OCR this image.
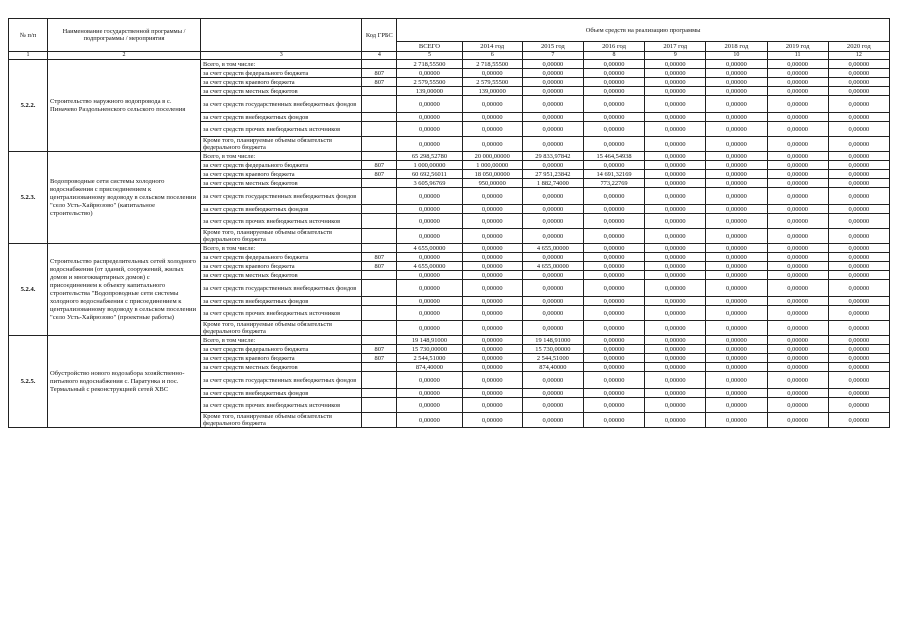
№ п/п	Наименование государственной программы / подпрограммы / мероприятия		Код ГРБС	Объем средств на реализацию программы							
				ВСЕГО	2014 год	2015 год	2016 год	2017 год	2018 год	2019 год	2020 год
1	2	3	4	5	6	7	8	9	10	11	12
5.2.2.	Строительство наружного водопровода в с. Пиначево Раздольненского сельского поселения	Всего, в том числе:		2 718,55500	2 718,55500	0,00000	0,00000	0,00000	0,00000	0,00000	0,00000
		за счет средств федерального бюджета	807	0,00000	0,00000	0,00000	0,00000	0,00000	0,00000	0,00000	0,00000
		за счет средств краевого бюджета	807	2 579,55500	2 579,55500	0,00000	0,00000	0,00000	0,00000	0,00000	0,00000
		за счет средств местных бюджетов		139,00000	139,00000	0,00000	0,00000	0,00000	0,00000	0,00000	0,00000
		за счет средств государственных внебюджетных фондов		0,00000	0,00000	0,00000	0,00000	0,00000	0,00000	0,00000	0,00000
		за счет средств внебюджетных фондов		0,00000	0,00000	0,00000	0,00000	0,00000	0,00000	0,00000	0,00000
		за счет средств прочих внебюджетных источников		0,00000	0,00000	0,00000	0,00000	0,00000	0,00000	0,00000	0,00000
		Кроме того, планируемые объемы обязательств федерального бюджета		0,00000	0,00000	0,00000	0,00000	0,00000	0,00000	0,00000	0,00000
5.2.3.	Водопроводные сети системы холодного водоснабжения с присоединением к централизованному водоводу в сельском поселении "село Усть-Хайрюзово" (капитальное строительство)	Всего, в том числе:		65 298,52780	20 000,00000	29 833,97842	15 464,54938	0,00000	0,00000	0,00000	0,00000
		за счет средств федерального бюджета	807	1 000,00000	1 000,00000	0,00000	0,00000	0,00000	0,00000	0,00000	0,00000
		за счет средств краевого бюджета	807	60 692,56011	18 050,00000	27 951,23842	14 691,32169	0,00000	0,00000	0,00000	0,00000
		за счет средств местных бюджетов		3 605,96769	950,00000	1 882,74000	773,22769	0,00000	0,00000	0,00000	0,00000
		за счет средств государственных внебюджетных фондов		0,00000	0,00000	0,00000	0,00000	0,00000	0,00000	0,00000	0,00000
		за счет средств внебюджетных фондов		0,00000	0,00000	0,00000	0,00000	0,00000	0,00000	0,00000	0,00000
		за счет средств прочих внебюджетных источников		0,00000	0,00000	0,00000	0,00000	0,00000	0,00000	0,00000	0,00000
		Кроме того, планируемые объемы обязательств федерального бюджета		0,00000	0,00000	0,00000	0,00000	0,00000	0,00000	0,00000	0,00000
5.2.4.	Строительство распределительных сетей холодного водоснабжения (от зданий, сооружений, жилых домов и многоквартирных домов) с присоединением к объекту капитального строительства "Водопроводные сети системы холодного водоснабжения с присоединением к централизованному водоводу в сельском поселении "село Усть-Хайрюзово" (проектные работы)	Всего, в том числе:		4 655,00000	0,00000	4 655,00000	0,00000	0,00000	0,00000	0,00000	0,00000
		за счет средств федерального бюджета	807	0,00000	0,00000	0,00000	0,00000	0,00000	0,00000	0,00000	0,00000
		за счет средств краевого бюджета	807	4 655,00000	0,00000	4 655,00000	0,00000	0,00000	0,00000	0,00000	0,00000
		за счет средств местных бюджетов		0,00000	0,00000	0,00000	0,00000	0,00000	0,00000	0,00000	0,00000
		за счет средств государственных внебюджетных фондов		0,00000	0,00000	0,00000	0,00000	0,00000	0,00000	0,00000	0,00000
		за счет средств внебюджетных фондов		0,00000	0,00000	0,00000	0,00000	0,00000	0,00000	0,00000	0,00000
		за счет средств прочих внебюджетных источников		0,00000	0,00000	0,00000	0,00000	0,00000	0,00000	0,00000	0,00000
		Кроме того, планируемые объемы обязательств федерального бюджета		0,00000	0,00000	0,00000	0,00000	0,00000	0,00000	0,00000	0,00000
5.2.5.	Обустройство нового водозабора хозяйственно-питьевого водоснабжения с. Паратунка и пос. Термальный с реконструкцией сетей ХВС	Всего, в том числе:		19 148,91000	0,00000	19 148,91000	0,00000	0,00000	0,00000	0,00000	0,00000
		за счет средств федерального бюджета	807	15 730,00000	0,00000	15 730,00000	0,00000	0,00000	0,00000	0,00000	0,00000
		за счет средств краевого бюджета	807	2 544,51000	0,00000	2 544,51000	0,00000	0,00000	0,00000	0,00000	0,00000
		за счет средств местных бюджетов		874,40000	0,00000	874,40000	0,00000	0,00000	0,00000	0,00000	0,00000
		за счет средств государственных внебюджетных фондов		0,00000	0,00000	0,00000	0,00000	0,00000	0,00000	0,00000	0,00000
		за счет средств внебюджетных фондов		0,00000	0,00000	0,00000	0,00000	0,00000	0,00000	0,00000	0,00000
		за счет средств прочих внебюджетных источников		0,00000	0,00000	0,00000	0,00000	0,00000	0,00000	0,00000	0,00000
		Кроме того, планируемые объемы обязательств федерального бюджета		0,00000	0,00000	0,00000	0,00000	0,00000	0,00000	0,00000	0,00000
